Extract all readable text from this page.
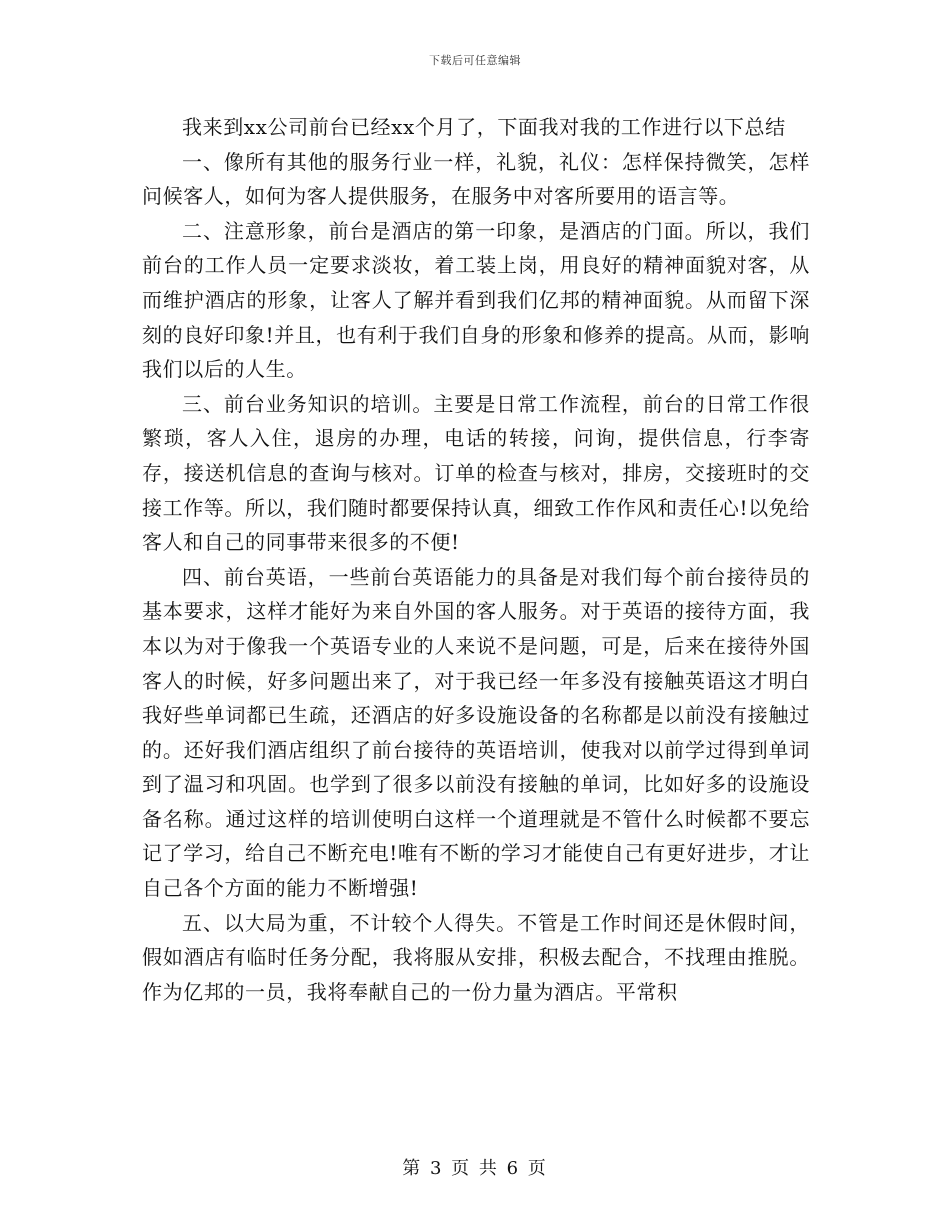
下载后可任意编辑

我来到xx公司前台已经xx个月了，下面我对我的工作进行以下总结

一、像所有其他的服务行业一样，礼貌，礼仪：怎样保持微笑，怎样问候客人，如何为客人提供服务，在服务中对客所要用的语言等。

二、注意形象，前台是酒店的第一印象，是酒店的门面。所以，我们前台的工作人员一定要求淡妆，着工装上岗，用良好的精神面貌对客，从而维护酒店的形象，让客人了解并看到我们亿邦的精神面貌。从而留下深刻的良好印象!并且，也有利于我们自身的形象和修养的提高。从而，影响我们以后的人生。

三、前台业务知识的培训。主要是日常工作流程，前台的日常工作很繁琐，客人入住，退房的办理，电话的转接，问询，提供信息，行李寄存，接送机信息的查询与核对。订单的检查与核对，排房，交接班时的交接工作等。所以，我们随时都要保持认真，细致工作作风和责任心!以免给客人和自己的同事带来很多的不便!

四、前台英语，一些前台英语能力的具备是对我们每个前台接待员的基本要求，这样才能好为来自外国的客人服务。对于英语的接待方面，我本以为对于像我一个英语专业的人来说不是问题，可是，后来在接待外国客人的时候，好多问题出来了，对于我已经一年多没有接触英语这才明白我好些单词都已生疏，还酒店的好多设施设备的名称都是以前没有接触过的。还好我们酒店组织了前台接待的英语培训，使我对以前学过得到单词到了温习和巩固。也学到了很多以前没有接触的单词，比如好多的设施设备名称。通过这样的培训使明白这样一个道理就是不管什么时候都不要忘记了学习，给自己不断充电!唯有不断的学习才能使自己有更好进步，才让自己各个方面的能力不断增强!

五、以大局为重，不计较个人得失。不管是工作时间还是休假时间，假如酒店有临时任务分配，我将服从安排，积极去配合，不找理由推脱。作为亿邦的一员，我将奉献自己的一份力量为酒店。平常积

第 3 页 共 6 页
